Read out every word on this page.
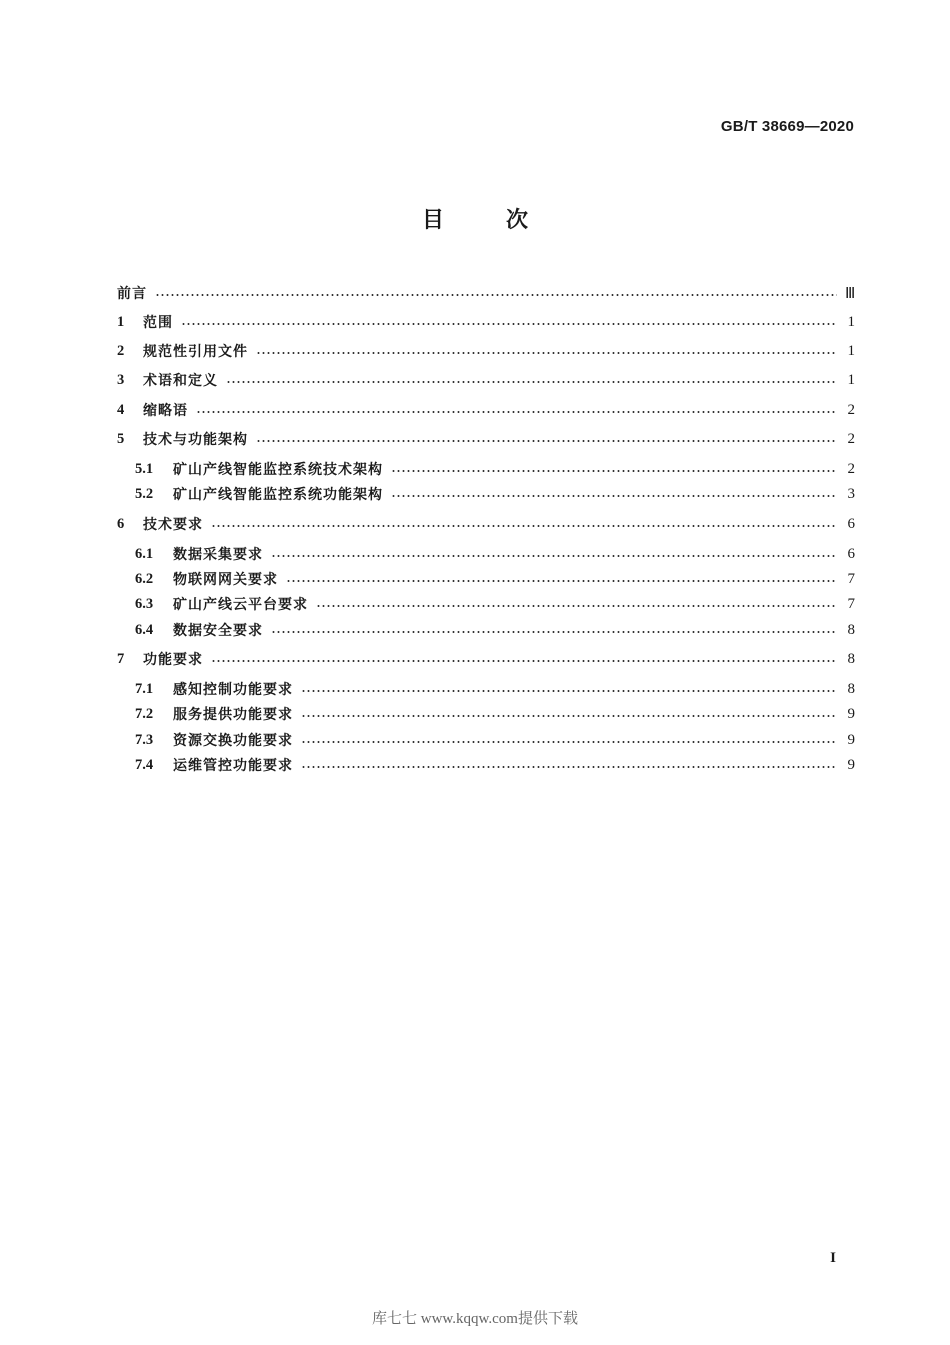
GB/T 38669—2020
目	次
前言	Ⅲ
1	范围	1
2	规范性引用文件	1
3	术语和定义	1
4	缩略语	2
5	技术与功能架构	2
5.1	矿山产线智能监控系统技术架构	2
5.2	矿山产线智能监控系统功能架构	3
6	技术要求	6
6.1	数据采集要求	6
6.2	物联网网关要求	7
6.3	矿山产线云平台要求	7
6.4	数据安全要求	8
7	功能要求	8
7.1	感知控制功能要求	8
7.2	服务提供功能要求	9
7.3	资源交换功能要求	9
7.4	运维管控功能要求	9
I
库七七 www.kqqw.com提供下载
